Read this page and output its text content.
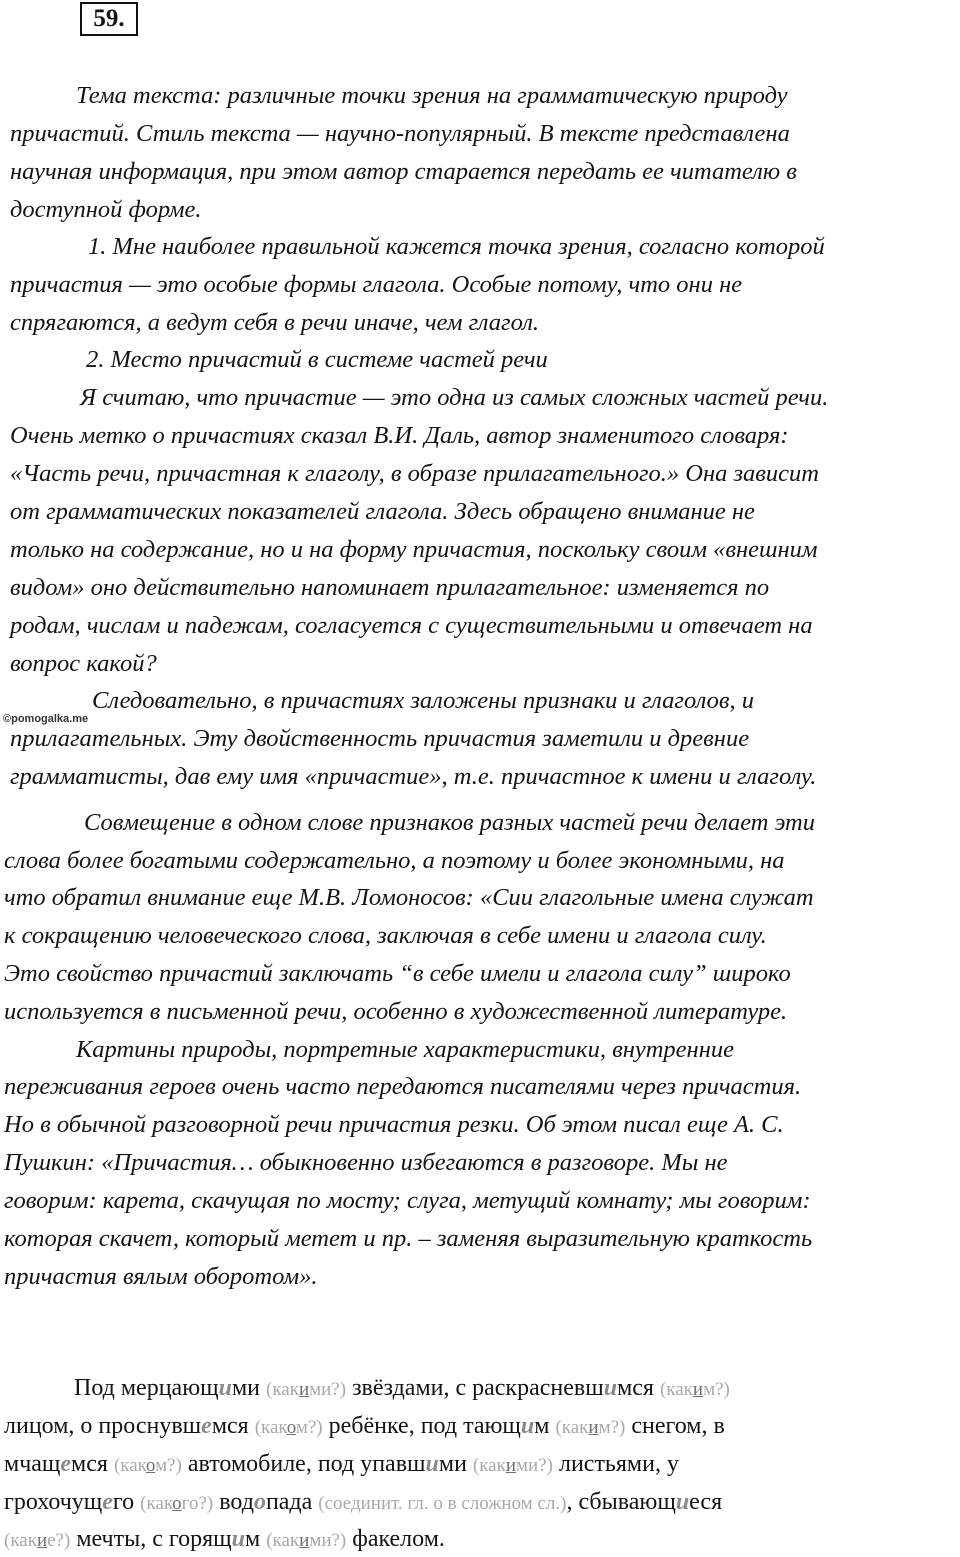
59.
Тема текста: различные точки зрения на грамматическую природу
причастий. Стиль текста — научно-популярный. В тексте представлена
научная информация, при этом автор старается передать ее читателю в
доступной форме.
1. Мне наиболее правильной кажется точка зрения, согласно которой
причастия — это особые формы глагола. Особые потому, что они не
спрягаются, а ведут себя в речи иначе, чем глагол.
2. Место причастий в системе частей речи
Я считаю, что причастие — это одна из самых сложных частей речи.
Очень метко о причастиях сказал В.И. Даль, автор знаменитого словаря:
«Часть речи, причастная к глаголу, в образе прилагательного.» Она зависит
от грамматических показателей глагола. Здесь обращено внимание не
только на содержание, но и на форму причастия, поскольку своим «внешним
видом» оно действительно напоминает прилагательное: изменяется по
родам, числам и падежам, согласуется с существительными и отвечает на
вопрос какой?
Следовательно, в причастиях заложены признаки и глаголов, и
прилагательных. Эту двойственность причастия заметили и древние
грамматисты, дав ему имя «причастие», т.е. причастное к имени и глаголу.
Совмещение в одном слове признаков разных частей речи делает эти
слова более богатыми содержательно, а поэтому и более экономными, на
что обратил внимание еще М.В. Ломоносов: «Сии глагольные имена служат
к сокращению человеческого слова, заключая в себе имени и глагола силу.
Это свойство причастий заключать “в себе имели и глагола силу” широко
используется в письменной речи, особенно в художественной литературе.
Картины природы, портретные характеристики, внутренние
переживания героев очень часто передаются писателями через причастия.
Но в обычной разговорной речи причастия резки. Об этом писал еще А. С.
Пушкин: «Причастия… обыкновенно избегаются в разговоре. Мы не
говорим: карета, скачущая по мосту; слуга, метущий комнату; мы говорим:
которая скачет, который метет и пр. – заменяя выразительную краткость
причастия вялым оборотом».
©pomogalka.me
Под мерцающими (какими?) звёздами, с раскрасневшимся (каким?)
лицом, о проснувшемся (каком?) ребёнке, под тающим (каким?) снегом, в
мчащемся (каком?) автомобиле, под упавшими (какими?) листьями, у
грохочущего (какого?) водопада (соединит. гл. о в сложном сл.), сбывающиеся
(какие?) мечты, с горящим (какими?) факелом.
